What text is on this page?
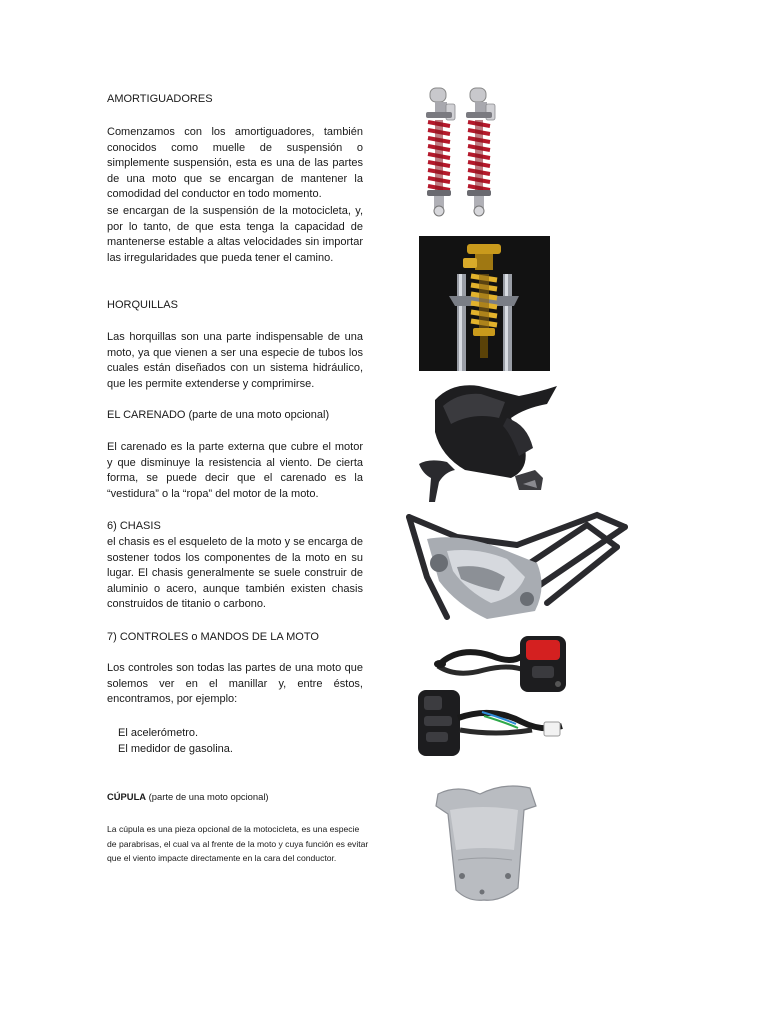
AMORTIGUADORES
Comenzamos con los amortiguadores, también conocidos como muelle de suspensión o simplemente suspensión, esta es una de las partes de una moto que se encargan de mantener la comodidad del conductor en todo momento.
se encargan de la suspensión de la motocicleta, y, por lo tanto, de que esta tenga la capacidad de mantenerse estable a altas velocidades sin importar las irregularidades que pueda tener el camino.
HORQUILLAS
Las horquillas son una parte indispensable de una moto, ya que vienen a ser una especie de tubos los cuales están diseñados con un sistema hidráulico, que les permite extenderse y comprimirse.
EL CARENADO (parte de una moto opcional)
El carenado es la parte externa que cubre el motor y que disminuye la resistencia al viento. De cierta forma, se puede decir que el carenado es la “vestidura” o la “ropa” del motor de la moto.
6) CHASIS
el chasis es el esqueleto de la moto y se encarga de sostener todos los componentes de la moto en su lugar. El chasis generalmente se suele construir de aluminio o acero, aunque también existen chasis construidos de titanio o carbono.
7) CONTROLES o MANDOS DE LA MOTO
Los controles son todas las partes de una moto que solemos ver en el manillar y, entre éstos, encontramos, por ejemplo:
El acelerómetro.
El medidor de gasolina.
CÚPULA (parte de una moto opcional)
La cúpula es una pieza opcional de la motocicleta, es una especie de parabrisas, el cual va al frente de la moto y cuya función es evitar que el viento impacte directamente en la cara del conductor.
